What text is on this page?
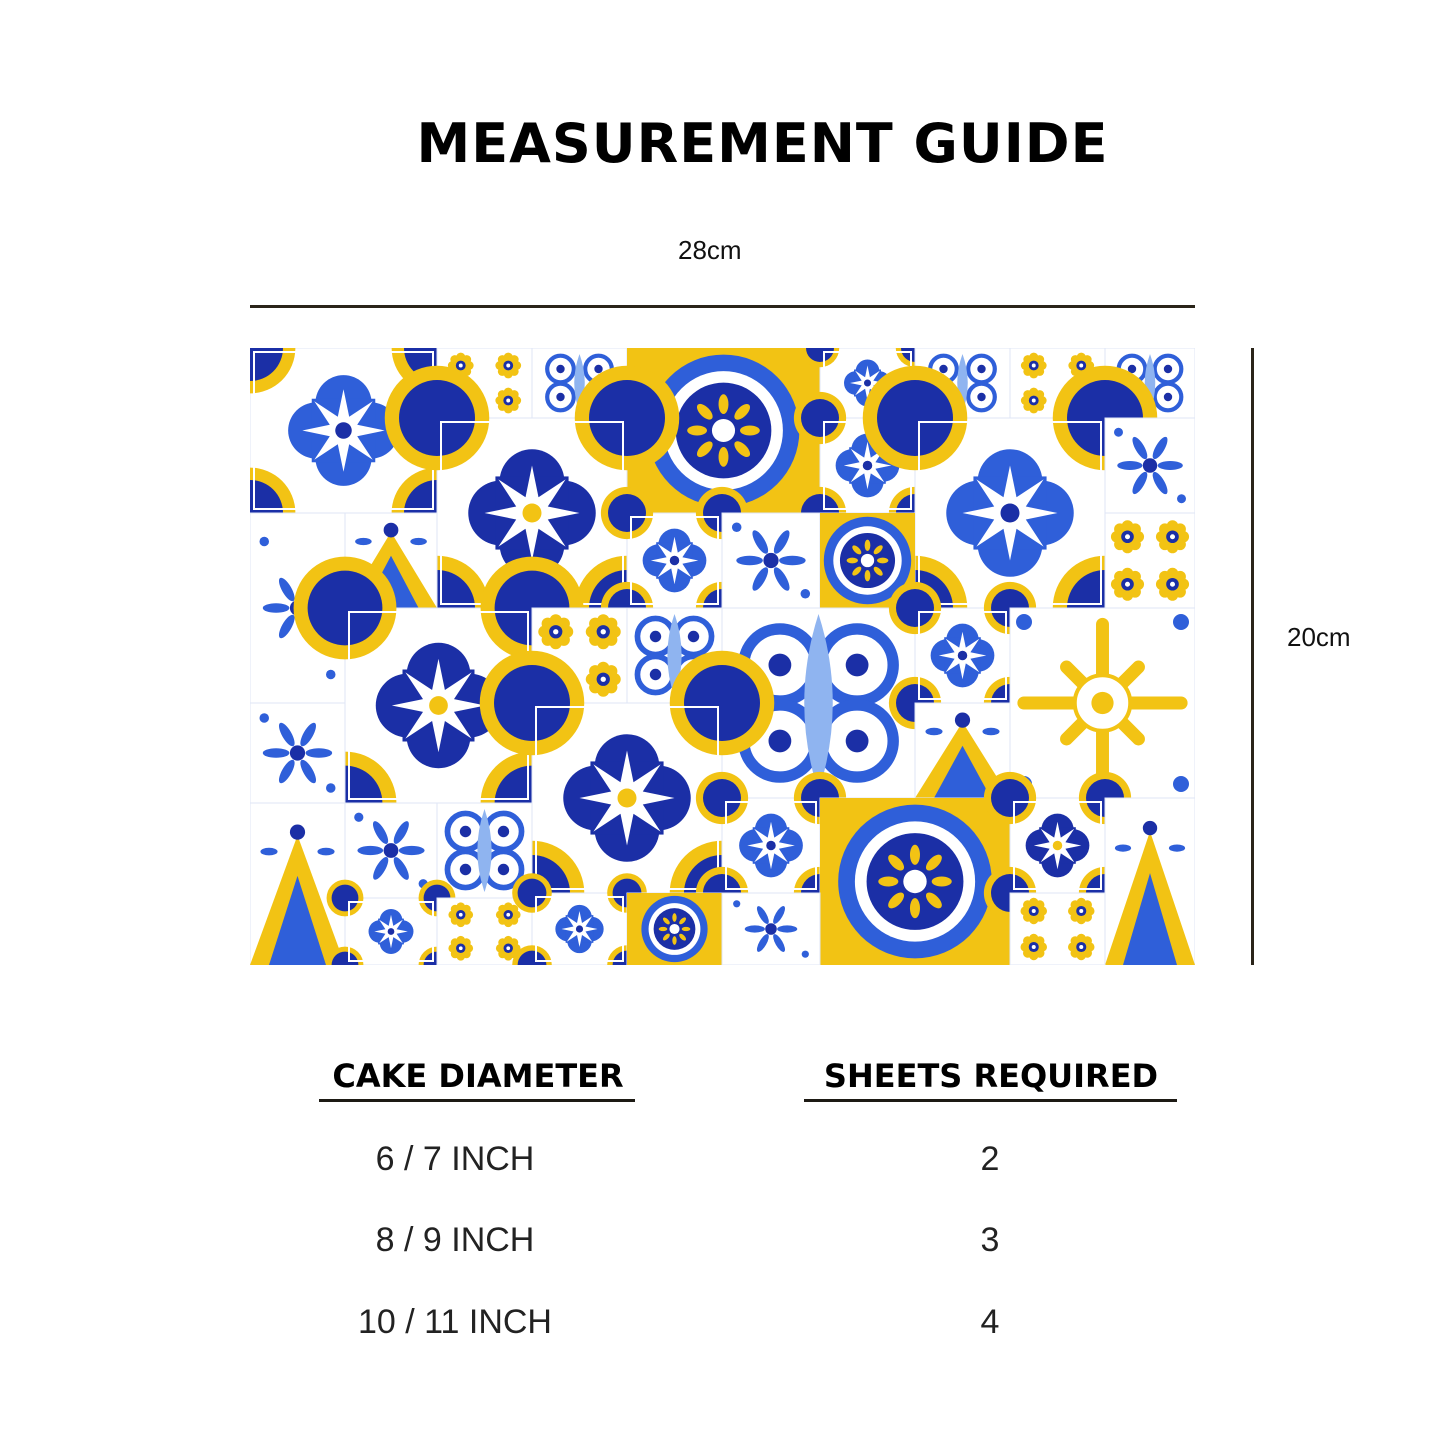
MEASUREMENT GUIDE
28cm
20cm
CAKE DIAMETER	SHEETS REQUIRED
6 / 7 INCH	2
8 / 9 INCH	3
10 / 11 INCH	4
